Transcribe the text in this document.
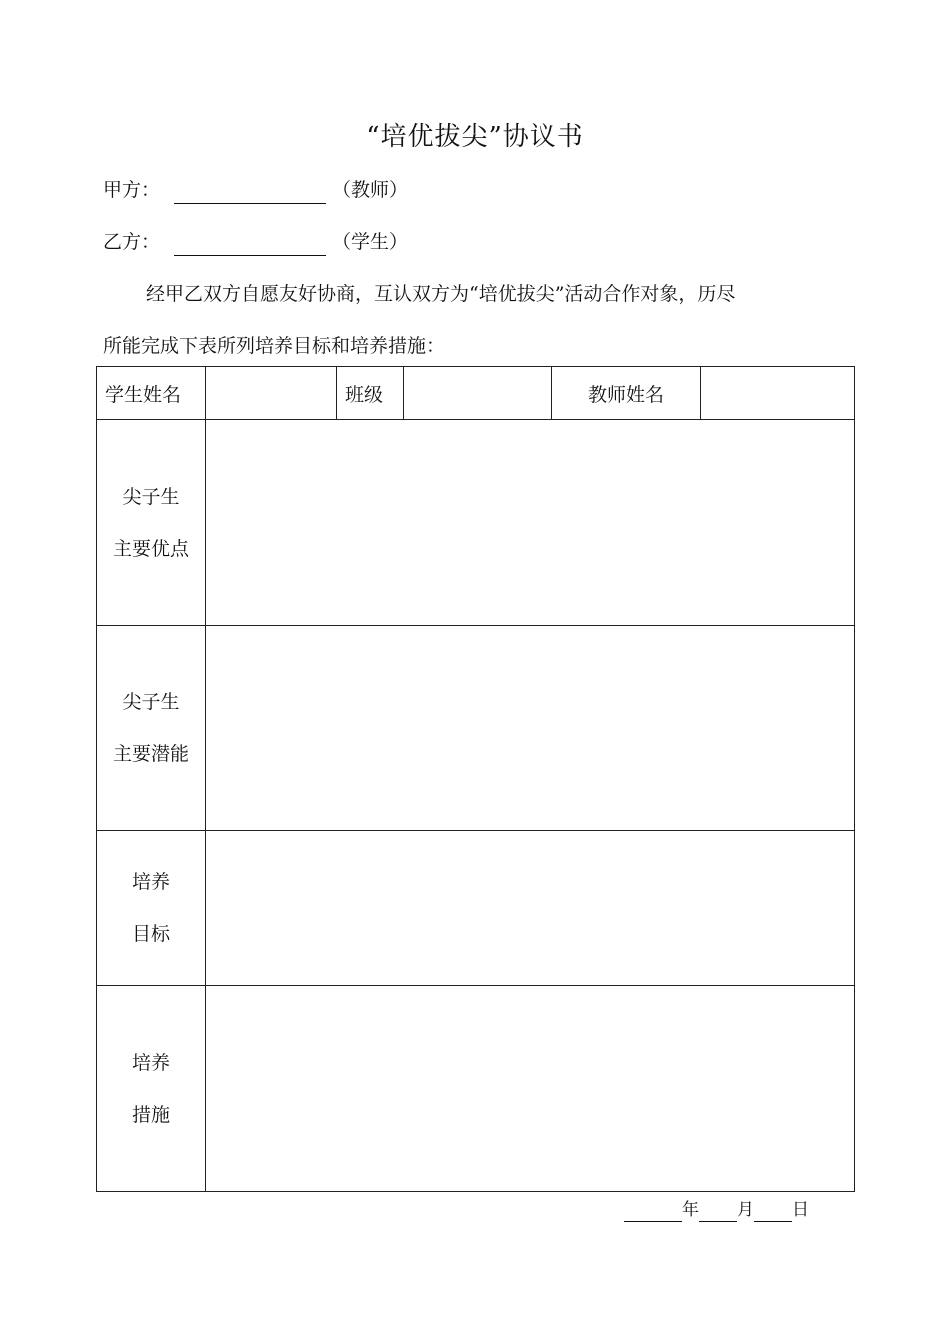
“培优拔尖”协议书
甲方：	（教师）
乙方：	（学生）
经甲乙双方自愿友好协商，互认双方为“培优拔尖”活动合作对象，历尽
所能完成下表所列培养目标和培养措施：
学生姓名		班级		教师姓名	

尖子生
主要优点					

尖子生
主要潜能					

培养
目标					

培养
措施					

年 月 日
